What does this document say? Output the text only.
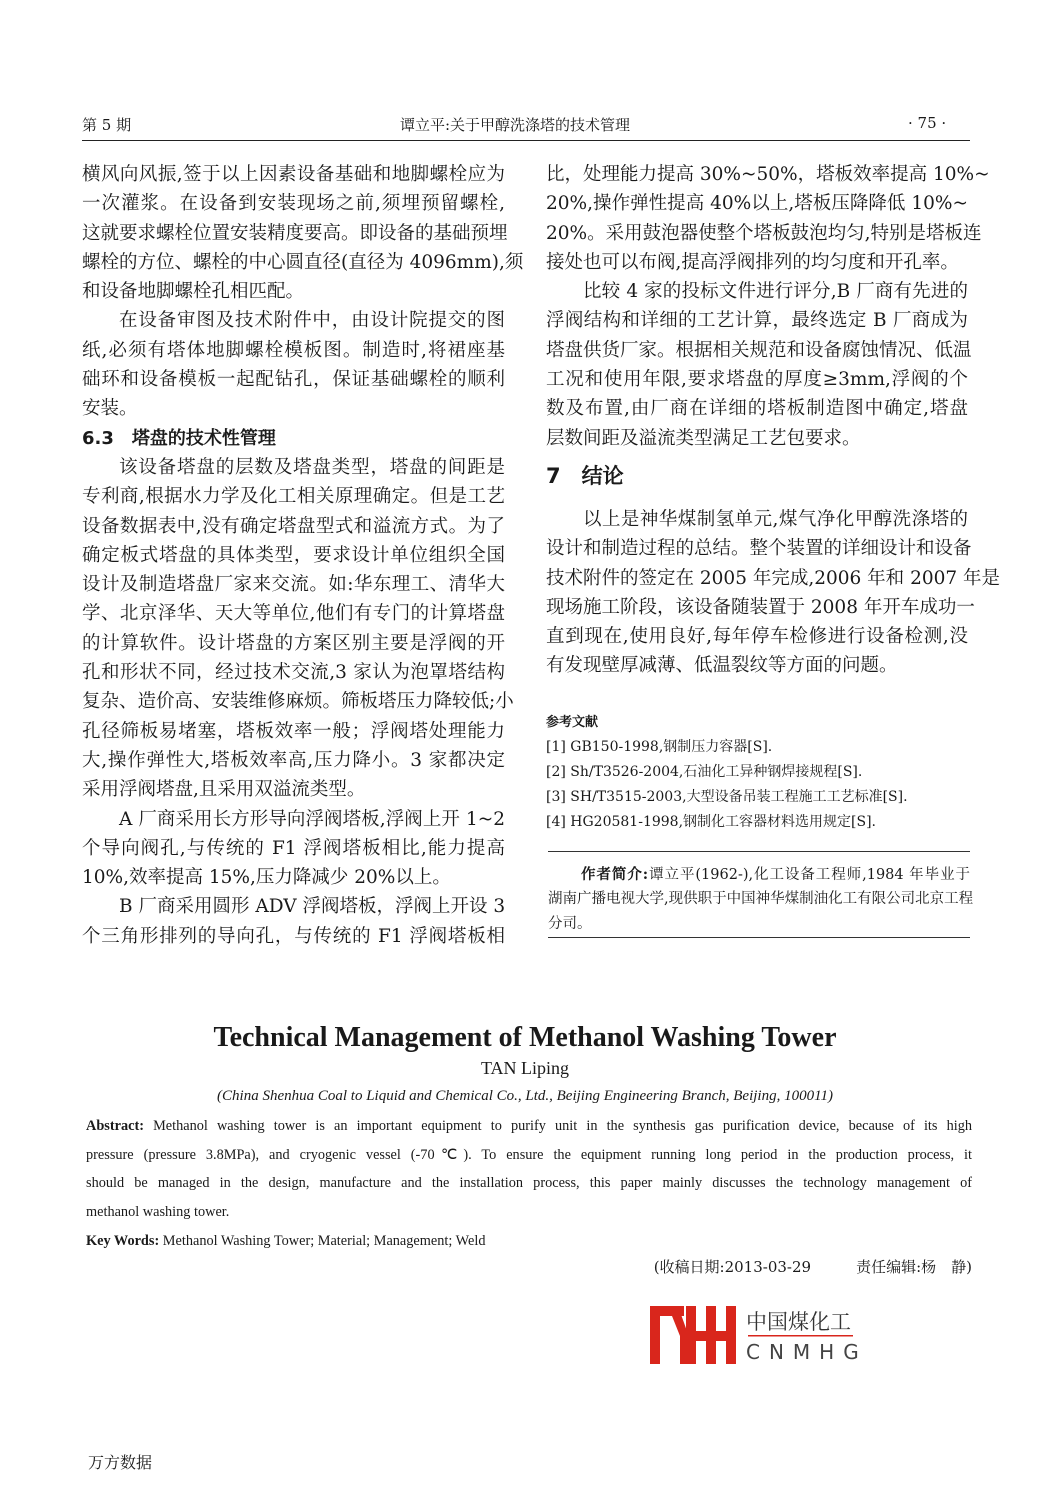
第 5 期	谭立平:关于甲醇洗涤塔的技术管理	· 75 ·
横风向风振,签于以上因素设备基础和地脚螺栓应为
一次灌浆。在设备到安装现场之前,须埋预留螺栓,
这就要求螺栓位置安装精度要高。即设备的基础预埋
螺栓的方位、螺栓的中心圆直径(直径为 4096mm),须
和设备地脚螺栓孔相匹配。
在设备审图及技术附件中，由设计院提交的图
纸,必须有塔体地脚螺栓模板图。制造时,将裙座基
础环和设备模板一起配钻孔，保证基础螺栓的顺利
安装。
6.3　塔盘的技术性管理
该设备塔盘的层数及塔盘类型，塔盘的间距是
专利商,根据水力学及化工相关原理确定。但是工艺
设备数据表中,没有确定塔盘型式和溢流方式。为了
确定板式塔盘的具体类型，要求设计单位组织全国
设计及制造塔盘厂家来交流。如:华东理工、清华大
学、北京泽华、天大等单位,他们有专门的计算塔盘
的计算软件。设计塔盘的方案区别主要是浮阀的开
孔和形状不同，经过技术交流,3 家认为泡罩塔结构
复杂、造价高、安装维修麻烦。筛板塔压力降较低;小
孔径筛板易堵塞，塔板效率一般；浮阀塔处理能力
大,操作弹性大,塔板效率高,压力降小。3 家都决定
采用浮阀塔盘,且采用双溢流类型。
A 厂商采用长方形导向浮阀塔板,浮阀上开 1~2
个导向阀孔,与传统的 F1 浮阀塔板相比,能力提高
10%,效率提高 15%,压力降减少 20%以上。
B 厂商采用圆形 ADV 浮阀塔板，浮阀上开设 3
个三角形排列的导向孔，与传统的 F1 浮阀塔板相
比，处理能力提高 30%~50%，塔板效率提高 10%~
20%,操作弹性提高 40%以上,塔板压降降低 10%~
20%。采用鼓泡器使整个塔板鼓泡均匀,特别是塔板连
接处也可以布阀,提高浮阀排列的均匀度和开孔率。
比较 4 家的投标文件进行评分,B 厂商有先进的
浮阀结构和详细的工艺计算，最终选定 B 厂商成为
塔盘供货厂家。根据相关规范和设备腐蚀情况、低温
工况和使用年限,要求塔盘的厚度≥3mm,浮阀的个
数及布置,由厂商在详细的塔板制造图中确定,塔盘
层数间距及溢流类型满足工艺包要求。
7　结论
以上是神华煤制氢单元,煤气净化甲醇洗涤塔的
设计和制造过程的总结。整个装置的详细设计和设备
技术附件的签定在 2005 年完成,2006 年和 2007 年是
现场施工阶段，该设备随装置于 2008 年开车成功一
直到现在,使用良好,每年停车检修进行设备检测,没
有发现壁厚减薄、低温裂纹等方面的问题。
参考文献
[1] GB150-1998,钢制压力容器[S].
[2] Sh/T3526-2004,石油化工异种钢焊接规程[S].
[3] SH/T3515-2003,大型设备吊装工程施工工艺标准[S].
[4] HG20581-1998,钢制化工容器材料选用规定[S].
作者简介:谭立平(1962-),化工设备工程师,1984 年毕业于
湖南广播电视大学,现供职于中国神华煤制油化工有限公司北京工程
分司。
Technical Management of Methanol Washing Tower
TAN Liping
(China Shenhua Coal to Liquid and Chemical Co., Ltd., Beijing Engineering Branch, Beijing, 100011)
Abstract: Methanol washing tower is an important equipment to purify unit in the synthesis gas purification device, because of its high
pressure (pressure 3.8MPa), and cryogenic vessel (-70℃). To ensure the equipment running long period in the production process, it
should be managed in the design, manufacture and the installation process, this paper mainly discusses the technology management of
methanol washing tower.
Key Words: Methanol Washing Tower; Material; Management; Weld
(收稿日期:2013-03-29　　　责任编辑:杨　静)
中国煤化工
CNMHG
万方数据
